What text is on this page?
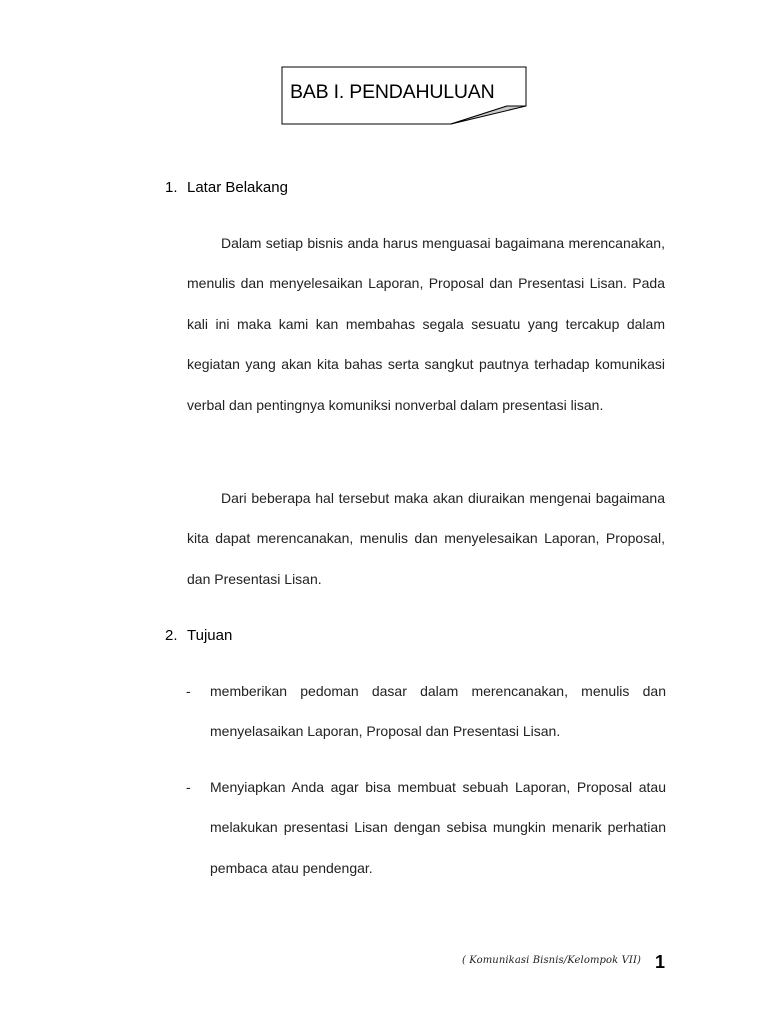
BAB I. PENDAHULUAN
1. Latar Belakang
Dalam setiap bisnis anda harus menguasai bagaimana merencanakan, menulis dan menyelesaikan Laporan, Proposal dan Presentasi Lisan. Pada kali ini maka kami kan membahas segala sesuatu yang tercakup dalam kegiatan yang akan kita bahas serta sangkut pautnya terhadap komunikasi verbal dan pentingnya komuniksi nonverbal dalam presentasi lisan.
Dari beberapa hal tersebut maka akan diuraikan mengenai bagaimana kita dapat merencanakan, menulis dan menyelesaikan Laporan, Proposal, dan Presentasi Lisan.
2. Tujuan
- memberikan pedoman dasar dalam merencanakan, menulis dan menyelasaikan Laporan, Proposal dan Presentasi Lisan.
- Menyiapkan Anda agar bisa membuat sebuah Laporan, Proposal atau melakukan presentasi Lisan dengan sebisa mungkin menarik perhatian pembaca atau pendengar.
( Komunikasi Bisnis/Kelompok VII) 1
